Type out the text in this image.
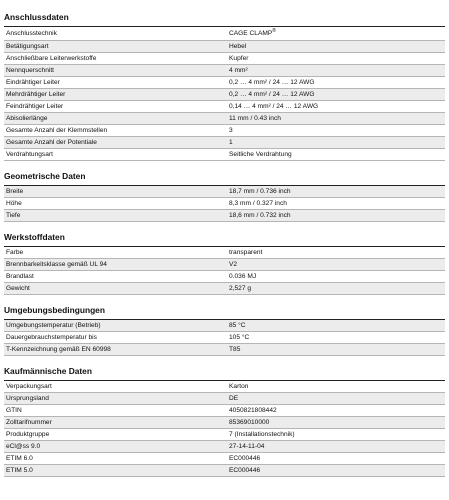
Anschlussdaten
Anschlusstechnik	CAGE CLAMP®
Betätigungsart	Hebel
Anschließbare Leiterwerkstoffe	Kupfer
Nennquerschnitt	4 mm²
Eindrähtiger Leiter	0,2 … 4 mm² / 24 … 12 AWG
Mehrdrähtiger Leiter	0,2 … 4 mm² / 24 … 12 AWG
Feindrähtiger Leiter	0,14 … 4 mm² / 24 … 12 AWG
Abisolierlänge	11 mm / 0.43 inch
Gesamte Anzahl der Klemmstellen	3
Gesamte Anzahl der Potentiale	1
Verdrahtungsart	Seitliche Verdrahtung
Geometrische Daten
Breite	18,7 mm / 0.736 inch
Höhe	8,3 mm / 0.327 inch
Tiefe	18,6 mm / 0.732 inch
Werkstoffdaten
Farbe	transparent
Brennbarkeitsklasse gemäß UL 94	V2
Brandlast	0.036 MJ
Gewicht	2,527 g
Umgebungsbedingungen
Umgebungstemperatur (Betrieb)	85 °C
Dauergebrauchstemperatur bis	105 °C
T-Kennzeichnung gemäß EN 60998	T85
Kaufmännische Daten
Verpackungsart	Karton
Ursprungsland	DE
GTIN	4050821808442
Zolltarifnummer	85369010000
Produktgruppe	7 (Installationstechnik)
eCl@ss 9.0	27-14-11-04
ETIM 6.0	EC000446
ETIM 5.0	EC000446
